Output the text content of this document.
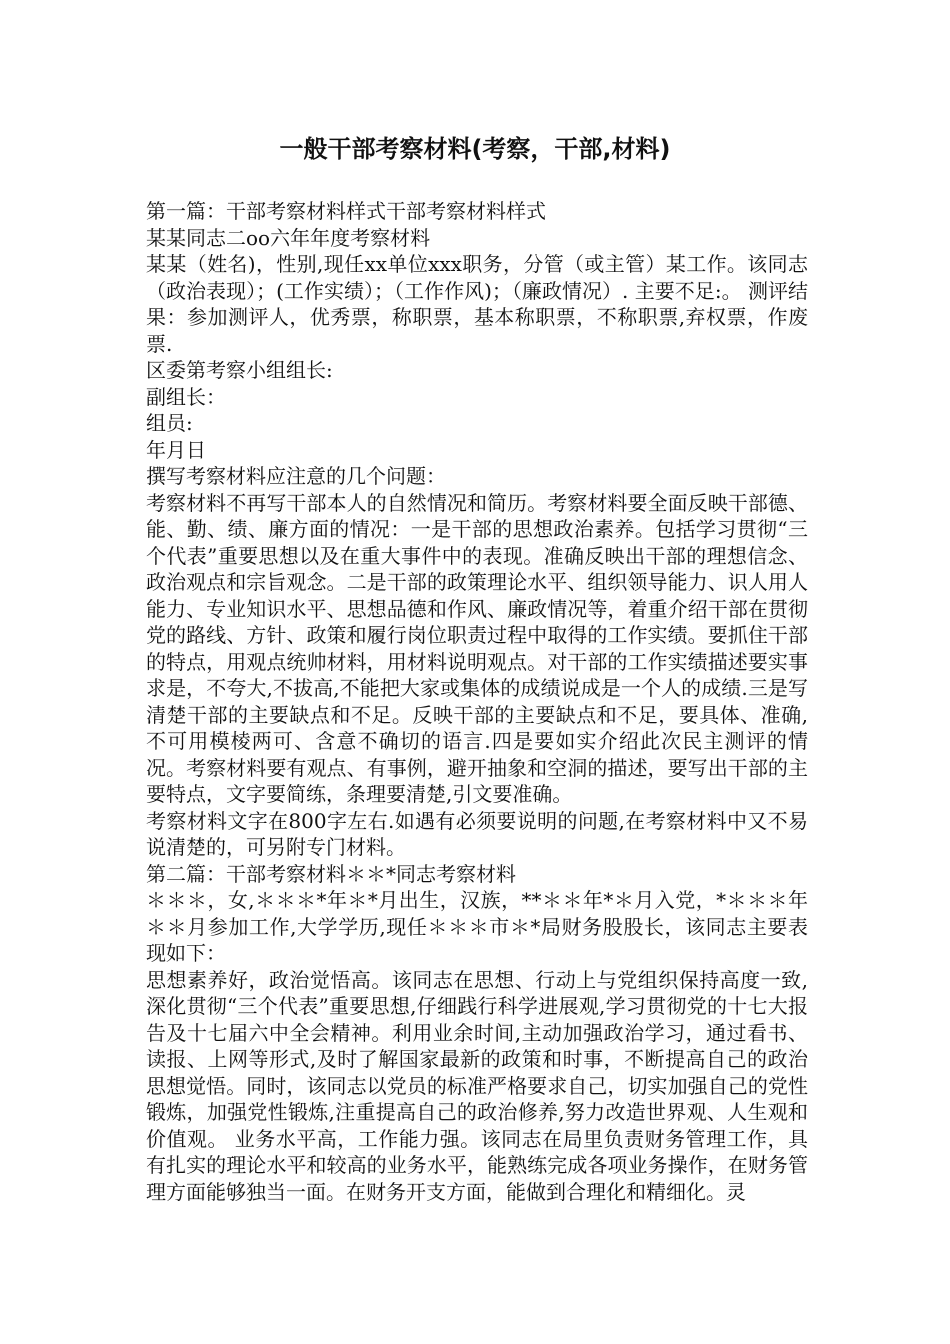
一般干部考察材料(考察，干部,材料)

第一篇：干部考察材料样式干部考察材料样式

某某同志二oo六年年度考察材料

某某（姓名)，性别,现任xx单位xxx职务，分管（或主管）某工作。该同志（政治表现）；(工作实绩）；（工作作风)；（廉政情况）. 主要不足:。 测评结果：参加测评人，优秀票，称职票，基本称职票，不称职票,弃权票，作废票.

区委第考察小组组长:

副组长：

组员:

年月日

撰写考察材料应注意的几个问题：

考察材料不再写干部本人的自然情况和简历。考察材料要全面反映干部德、能、勤、绩、廉方面的情况：一是干部的思想政治素养。包括学习贯彻“三个代表”重要思想以及在重大事件中的表现。准确反映出干部的理想信念、政治观点和宗旨观念。二是干部的政策理论水平、组织领导能力、识人用人能力、专业知识水平、思想品德和作风、廉政情况等，着重介绍干部在贯彻党的路线、方针、政策和履行岗位职责过程中取得的工作实绩。要抓住干部的特点，用观点统帅材料，用材料说明观点。对干部的工作实绩描述要实事求是，不夸大,不拔高,不能把大家或集体的成绩说成是一个人的成绩.三是写清楚干部的主要缺点和不足。反映干部的主要缺点和不足，要具体、准确,不可用模棱两可、含意不确切的语言.四是要如实介绍此次民主测评的情况。考察材料要有观点、有事例，避开抽象和空洞的描述，要写出干部的主要特点，文字要简练，条理要清楚,引文要准确。

考察材料文字在800字左右.如遇有必须要说明的问题,在考察材料中又不易说清楚的，可另附专门材料。

第二篇：干部考察材料＊＊*同志考察材料

＊＊＊，女,＊＊＊*年＊*月出生，汉族，**＊＊年*＊月入党，*＊＊＊年＊＊月参加工作,大学学历,现任＊＊＊市＊*局财务股股长，该同志主要表现如下：

思想素养好，政治觉悟高。该同志在思想、行动上与党组织保持高度一致,深化贯彻“三个代表”重要思想,仔细践行科学进展观,学习贯彻党的十七大报告及十七届六中全会精神。利用业余时间,主动加强政治学习，通过看书、读报、上网等形式,及时了解国家最新的政策和时事，不断提高自己的政治思想觉悟。同时，该同志以党员的标准严格要求自己，切实加强自己的党性锻炼，加强党性锻炼,注重提高自己的政治修养,努力改造世界观、人生观和价值观。 业务水平高，工作能力强。该同志在局里负责财务管理工作，具有扎实的理论水平和较高的业务水平，能熟练完成各项业务操作，在财务管理方面能够独当一面。在财务开支方面，能做到合理化和精细化。灵
